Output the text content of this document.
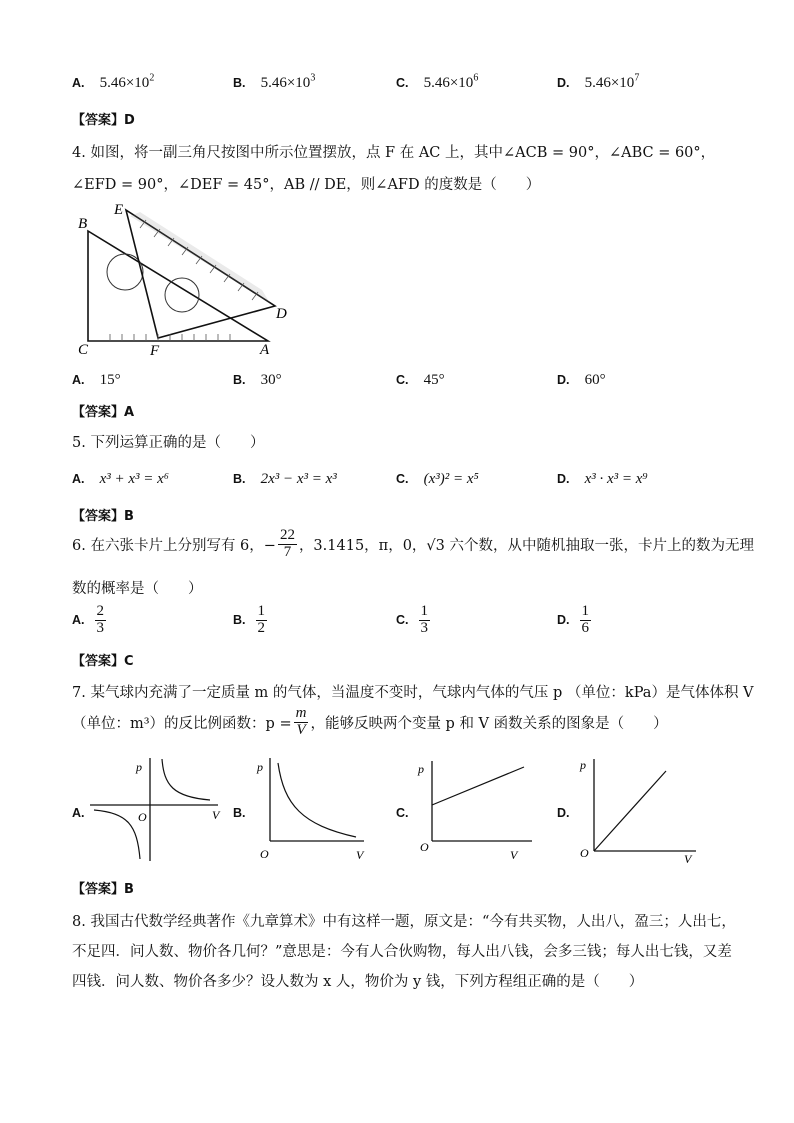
A. $5.46\times 10^2$	B. $5.46\times 10^3$	C. $5.46\times 10^6$	D. $5.46\times 10^7$
【答案】D
4. 如图，将一副三角尺按图中所示位置摆放，点 F 在 AC 上，其中∠ACB = 90°，∠ABC = 60°，
∠EFD = 90°，∠DEF = 45°，AB // DE，则∠AFD 的度数是（　　）
B
E
D
C	F	A
A. 15°	B. 30°	C. 45°	D. 60°
【答案】A
5. 下列运算正确的是（　　）
A. x³ + x³ = x⁶	B. 2x³ − x³ = x³	C. (x³)² = x⁵	D. x³ · x³ = x⁹
【答案】B
6. 在六张卡片上分别写有 6，− $\frac{22}{7}$ ，3.1415，π，0，√3 六个数，从中随机抽取一张，卡片上的数为无理
数的概率是（　　）
A. $\frac{2}{3}$	B. $\frac{1}{2}$	C. $\frac{1}{3}$	D. $\frac{1}{6}$
【答案】C
7. 某气球内充满了一定质量 m 的气体，当温度不变时，气球内气体的气压 p （单位：kPa）是气体体积 V
（单位：m³）的反比例函数：$p = \frac{m}{V}$ ，能够反映两个变量 p 和 V 函数关系的图象是（　　）
A.
p
V
O	B.
p
V
O
C.
p
V
O
D.
p
V
O
【答案】B
8. 我国古代数学经典著作《九章算术》中有这样一题，原文是：“今有共买物，人出八，盈三；人出七，
不足四．问人数、物价各几何？”意思是：今有人合伙购物，每人出八钱，会多三钱；每人出七钱，又差
四钱．问人数、物价各多少？设人数为 x 人，物价为 y 钱，下列方程组正确的是（　　）
